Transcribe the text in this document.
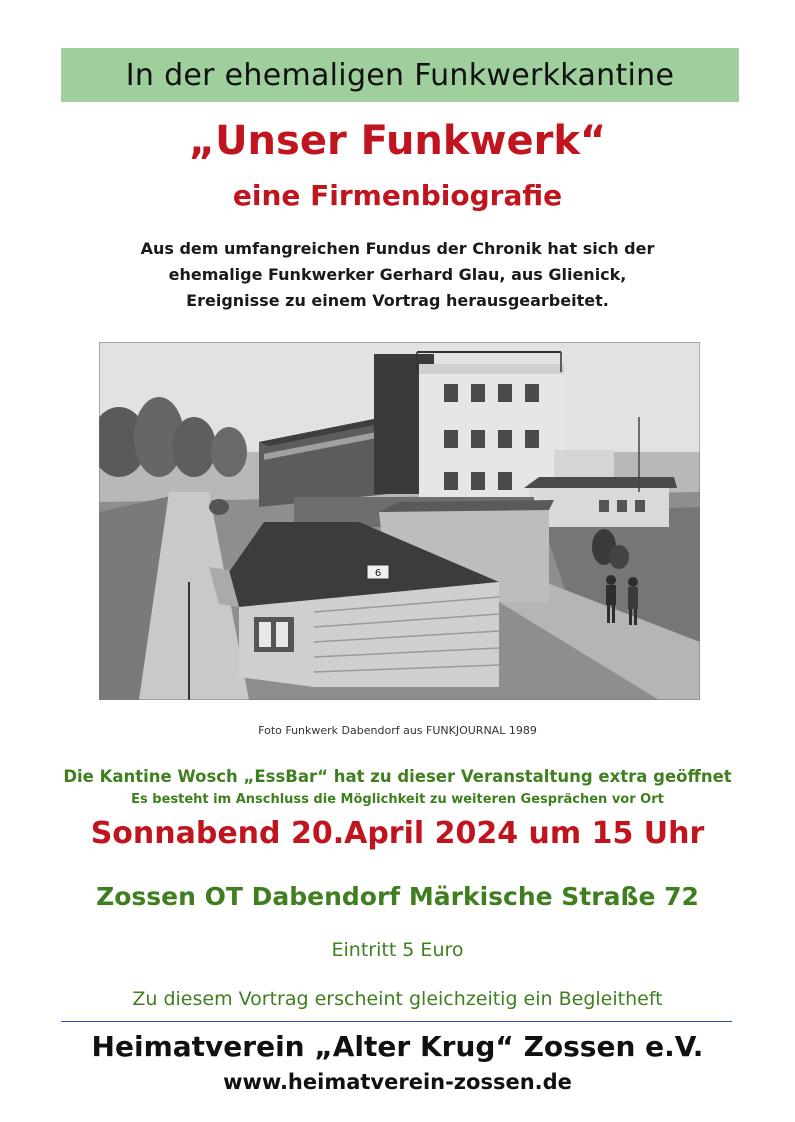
In der ehemaligen Funkwerkkantine
„Unser Funkwerk“
eine Firmenbiografie
Aus dem umfangreichen Fundus der Chronik hat sich der
ehemalige Funkwerker Gerhard Glau, aus Glienick,
Ereignisse zu einem Vortrag herausgearbeitet.
6
Foto Funkwerk Dabendorf aus FUNKJOURNAL 1989
Die Kantine Wosch „EssBar“ hat zu dieser Veranstaltung extra geöffnet
Es besteht im Anschluss die Möglichkeit zu weiteren Gesprächen vor Ort
Sonnabend 20.April 2024 um 15 Uhr
Zossen OT Dabendorf Märkische Straße 72
Eintritt 5 Euro
Zu diesem Vortrag erscheint gleichzeitig ein Begleitheft
Heimatverein „Alter Krug“ Zossen e.V.
www.heimatverein-zossen.de
